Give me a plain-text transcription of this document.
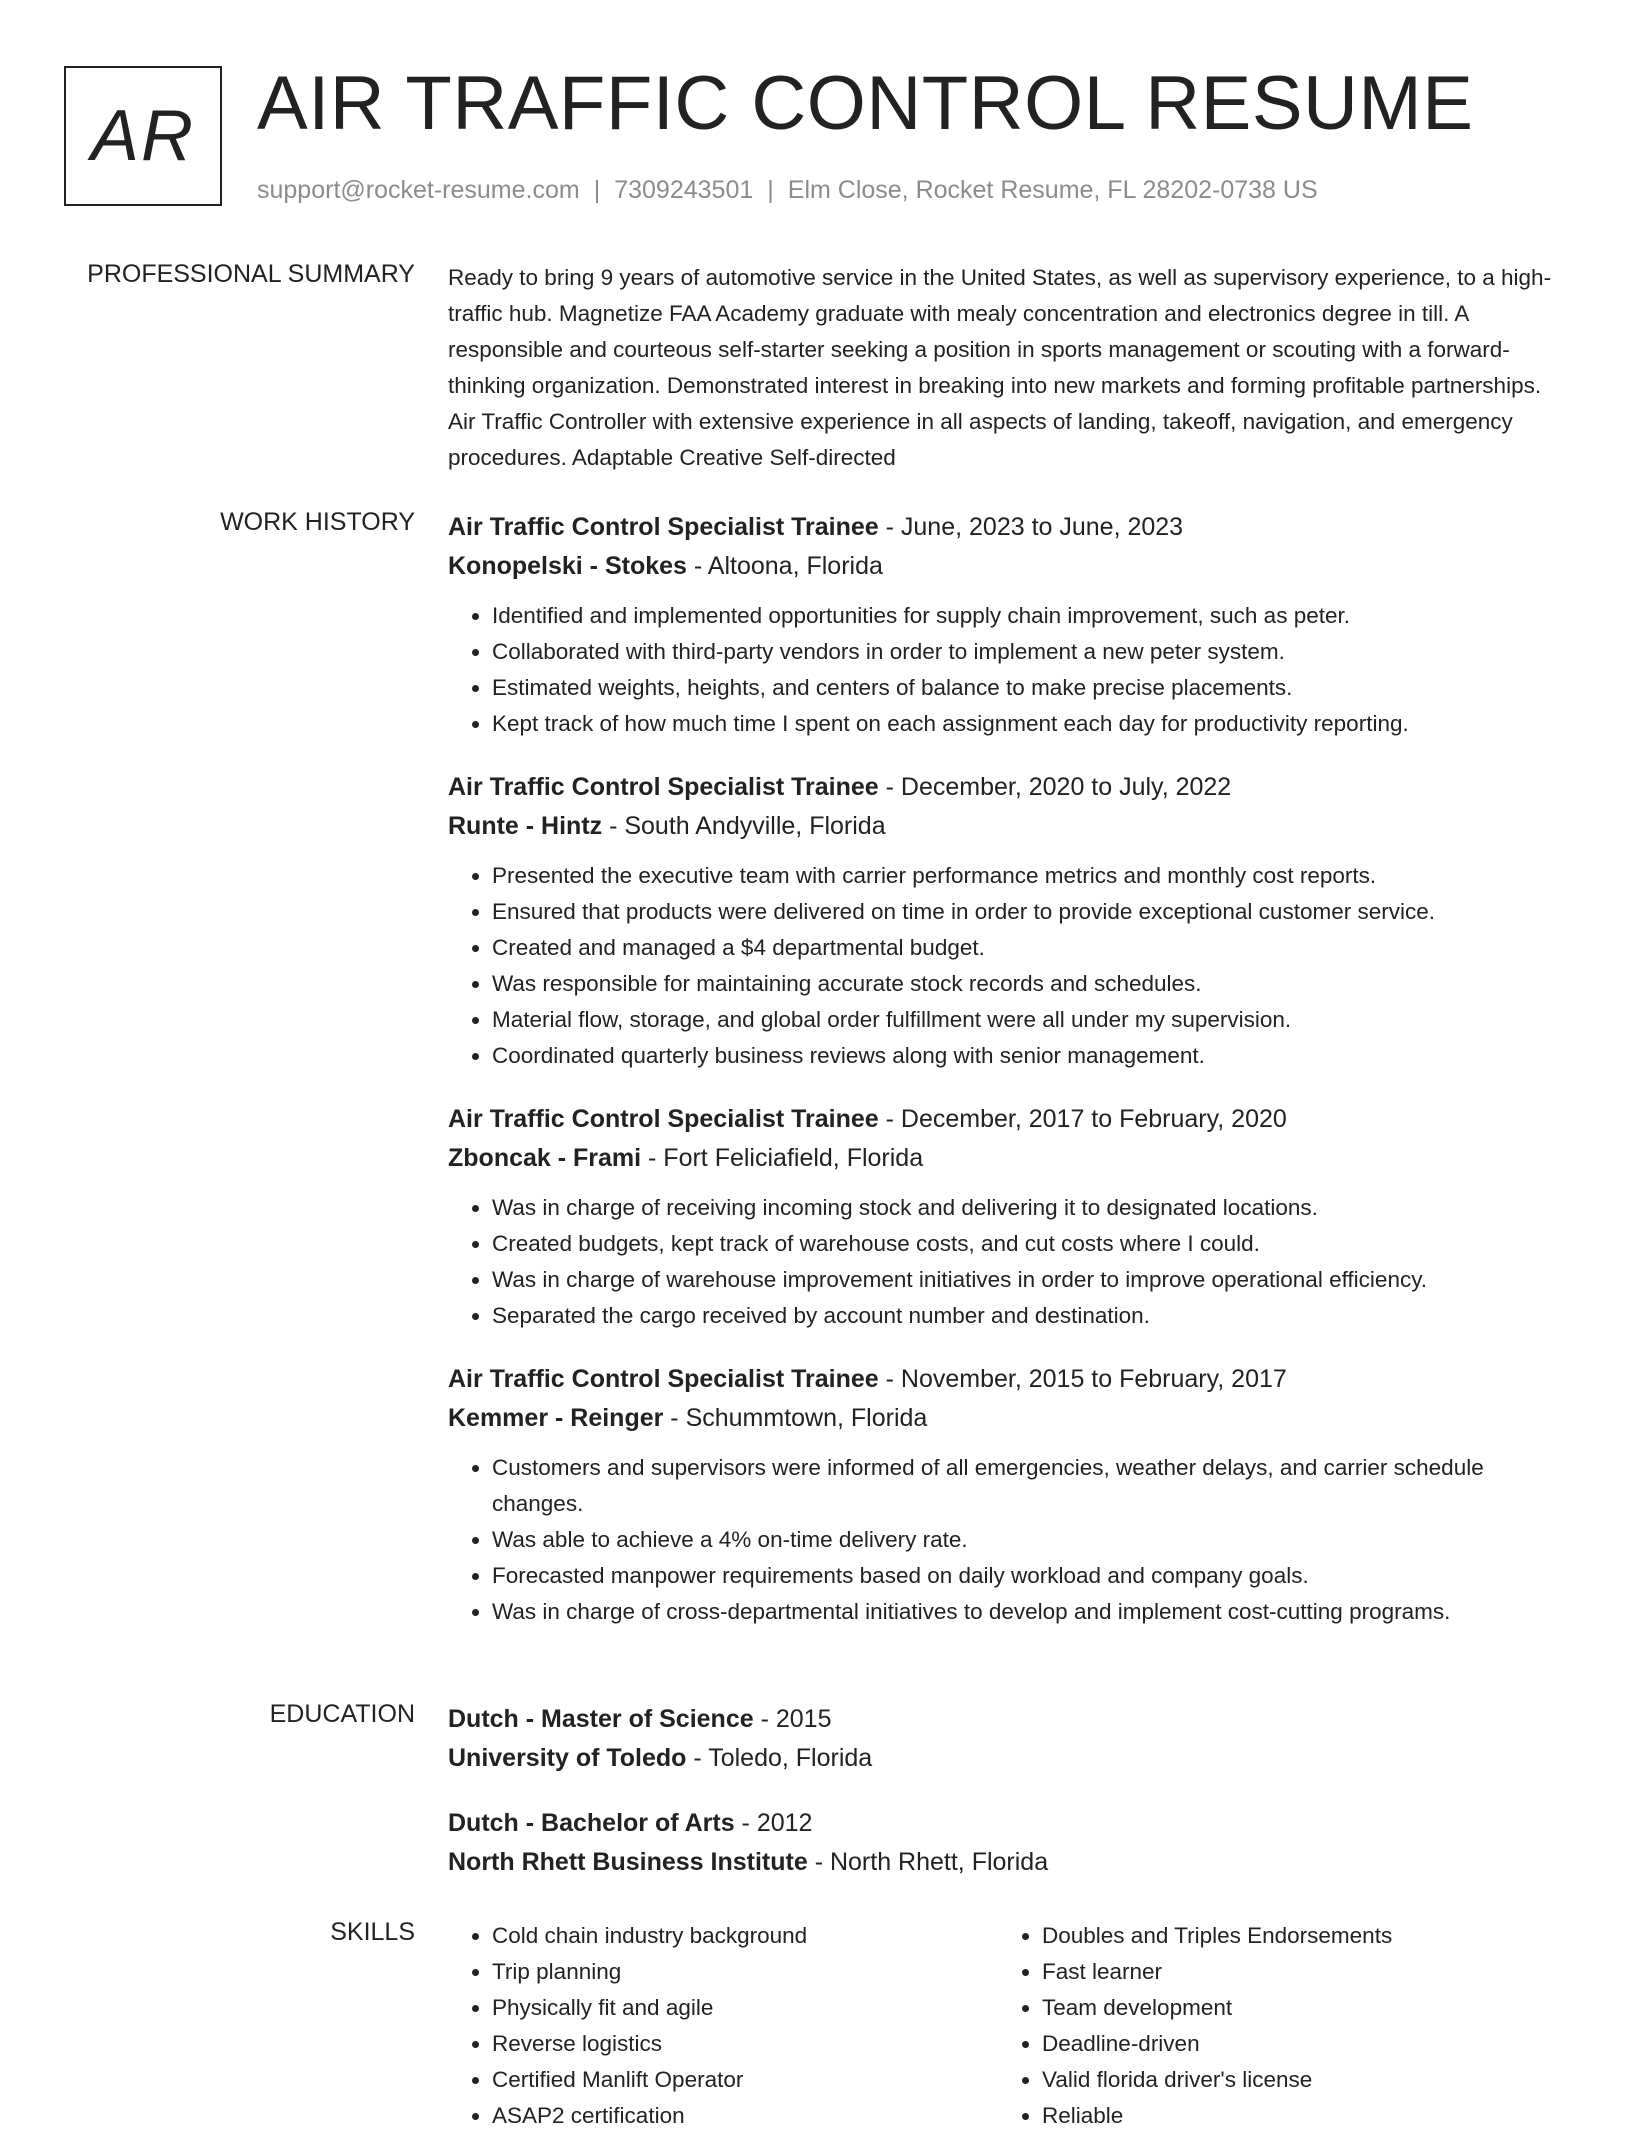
AR AIR TRAFFIC CONTROL RESUME
support@rocket-resume.com | 7309243501 | Elm Close, Rocket Resume, FL 28202-0738 US
PROFESSIONAL SUMMARY Ready to bring 9 years of automotive service in the United States, as well as supervisory experience, to a high-traffic hub. Magnetize FAA Academy graduate with mealy concentration and electronics degree in till. A responsible and courteous self-starter seeking a position in sports management or scouting with a forward-thinking organization. Demonstrated interest in breaking into new markets and forming profitable partnerships. Air Traffic Controller with extensive experience in all aspects of landing, takeoff, navigation, and emergency procedures. Adaptable Creative Self-directed
WORK HISTORY Air Traffic Control Specialist Trainee - June, 2023 to June, 2023
Konopelski - Stokes - Altoona, Florida
• Identified and implemented opportunities for supply chain improvement, such as peter.
• Collaborated with third-party vendors in order to implement a new peter system.
• Estimated weights, heights, and centers of balance to make precise placements.
• Kept track of how much time I spent on each assignment each day for productivity reporting.
Air Traffic Control Specialist Trainee - December, 2020 to July, 2022
Runte - Hintz - South Andyville, Florida
• Presented the executive team with carrier performance metrics and monthly cost reports.
• Ensured that products were delivered on time in order to provide exceptional customer service.
• Created and managed a $4 departmental budget.
• Was responsible for maintaining accurate stock records and schedules.
• Material flow, storage, and global order fulfillment were all under my supervision.
• Coordinated quarterly business reviews along with senior management.
Air Traffic Control Specialist Trainee - December, 2017 to February, 2020
Zboncak - Frami - Fort Feliciafield, Florida
• Was in charge of receiving incoming stock and delivering it to designated locations.
• Created budgets, kept track of warehouse costs, and cut costs where I could.
• Was in charge of warehouse improvement initiatives in order to improve operational efficiency.
• Separated the cargo received by account number and destination.
Air Traffic Control Specialist Trainee - November, 2015 to February, 2017
Kemmer - Reinger - Schummtown, Florida
• Customers and supervisors were informed of all emergencies, weather delays, and carrier schedule changes.
• Was able to achieve a 4% on-time delivery rate.
• Forecasted manpower requirements based on daily workload and company goals.
• Was in charge of cross-departmental initiatives to develop and implement cost-cutting programs.
EDUCATION Dutch - Master of Science - 2015
University of Toledo - Toledo, Florida
Dutch - Bachelor of Arts - 2012
North Rhett Business Institute - North Rhett, Florida
SKILLS
•	Cold chain industry background
• Trip planning
• Physically fit and agile
• Reverse logistics
• Certified Manlift Operator
• ASAP2 certification
• Doubles and Triples Endorsements
• Fast learner
• Team development
• Deadline-driven
• Valid florida driver's license
• Reliable
